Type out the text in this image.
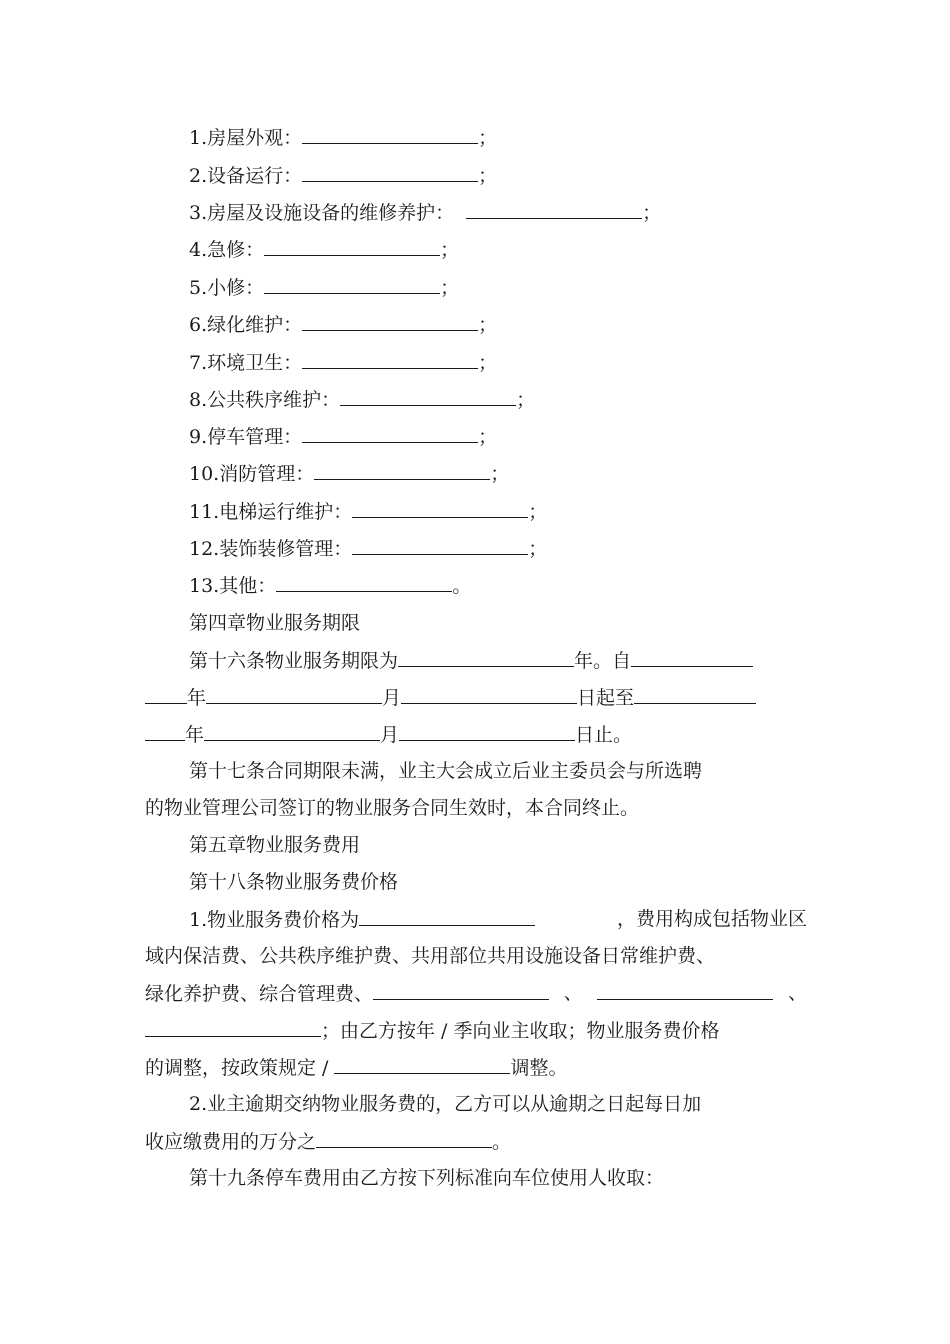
1.房屋外观：	；
2.设备运行：	；
3.房屋及设施设备的维修养护：	；
4.急修：	；
5.小修：	；
6.绿化维护：	；
7.环境卫生：	；
8.公共秩序维护：	；
9.停车管理：	；
10.消防管理：	；
11.电梯运行维护：	；
12.装饰装修管理：	；
13.其他：	。
第四章物业服务期限
第十六条物业服务期限为	年。自
年	月	日起至
年	月	日止。
第十七条合同期限未满，业主大会成立后业主委员会与所选聘
的物业管理公司签订的物业服务合同生效时，本合同终止。
第五章物业服务费用
第十八条物业服务费价格
1.物业服务费价格为	，费用构成包括物业区
域内保洁费、公共秩序维护费、共用部位共用设施设备日常维护费、
绿化养护费、综合管理费、	、	、
；由乙方按年 / 季向业主收取；物业服务费价格
的调整，按政策规定 /	调整。
2.业主逾期交纳物业服务费的，乙方可以从逾期之日起每日加
收应缴费用的万分之	。
第十九条停车费用由乙方按下列标准向车位使用人收取：
